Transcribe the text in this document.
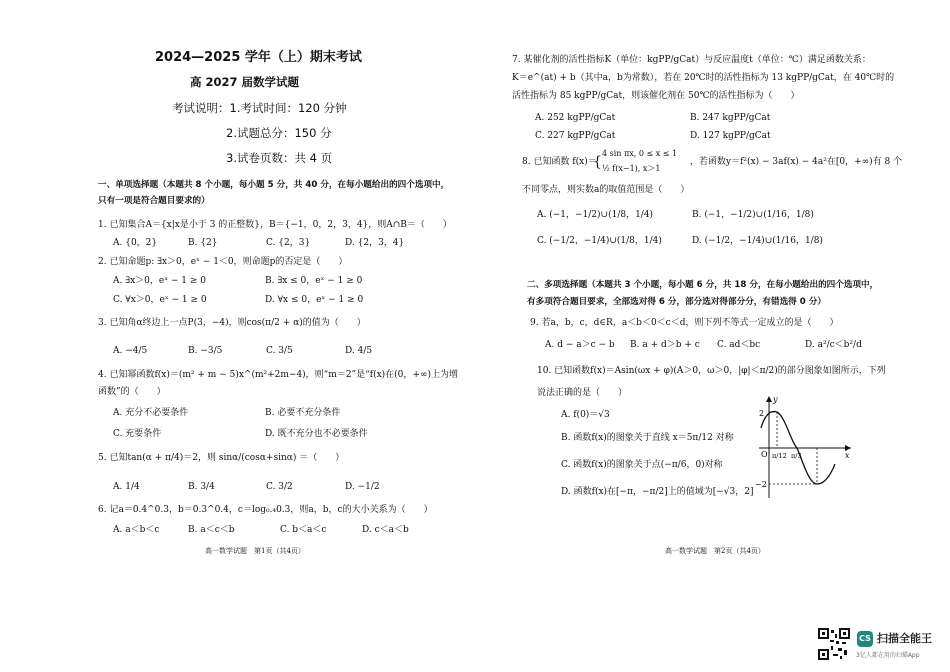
2024—2025 学年（上）期末考试
高 2027 届数学试题
考试说明：1.考试时间：120 分钟
2.试题总分：150 分
3.试卷页数：共 4 页
一、单项选择题（本题共 8 个小题，每小题 5 分，共 40 分，在每小题给出的四个选项中，
只有一项是符合题目要求的）
1. 已知集合A＝{x|x是小于 3 的正整数}，B＝{−1，0，2，3，4}，则A∩B＝（　　）
A. {0，2}	B. {2}	C. {2，3}	D. {2，3，4}
2. 已知命题p: ∃x＞0，eˣ − 1＜0，则命题p的否定是（　　）
A. ∃x＞0，eˣ − 1 ≥ 0	B. ∃x ≤ 0，eˣ − 1 ≥ 0
C. ∀x＞0，eˣ − 1 ≥ 0	D. ∀x ≤ 0，eˣ − 1 ≥ 0
3. 已知角α终边上一点P(3，−4)，则cos(π/2 + α)的值为（　　）
A. −4/5	B. −3/5	C. 3/5	D. 4/5
4. 已知幂函数f(x)＝(m² + m − 5)x^(m²+2m−4)，则“m＝2”是“f(x)在(0，+∞)上为增
函数”的（　　）
A. 充分不必要条件	B. 必要不充分条件
C. 充要条件	D. 既不充分也不必要条件
5. 已知tan(α + π/4)＝2，则 sinα/(cosα+sinα) ＝（　　）
A. 1/4	B. 3/4	C. 3/2	D. −1/2
6. 记a＝0.4^0.3，b＝0.3^0.4，c＝log₀.₄0.3，则a，b，c的大小关系为（　　）
A. a＜b＜c	B. a＜c＜b	C. b＜a＜c	D. c＜a＜b
高一数学试题　第1页（共4页）
7. 某催化剂的活性指标K（单位：kgPP/gCat）与反应温度t（单位：℃）满足函数关系：
K＝e^(at) + b（其中a，b为常数），若在 20℃时的活性指标为 13 kgPP/gCat，在 40℃时的
活性指标为 85 kgPP/gCat，则该催化剂在 50℃的活性指标为（　　）
A. 252 kgPP/gCat	B. 247 kgPP/gCat
C. 227 kgPP/gCat	D. 127 kgPP/gCat
8. 已知函数 f(x)＝
{
4 sin πx, 0 ≤ x ≤ 1
½ f(x−1), x＞1
，若函数y＝f²(x) − 3af(x) − 4a²在[0，+∞)有 8 个
不同零点，则实数a的取值范围是（　　）
A. (−1，−1/2)∪(1/8，1/4)	B. (−1，−1/2)∪(1/16，1/8)
C. (−1/2，−1/4)∪(1/8，1/4)	D. (−1/2，−1/4)∪(1/16，1/8)
二、多项选择题（本题共 3 个小题，每小题 6 分，共 18 分，在每小题给出的四个选项中，
有多项符合题目要求，全部选对得 6 分，部分选对得部分分，有错选得 0 分）
9. 若a，b，c，d∈R，a＜b＜0＜c＜d，则下列不等式一定成立的是（　　）
A. d − a＞c − b B. a + d＞b + c C. ad＜bc	D. a²/c＜b²/d
10. 已知函数f(x)＝Asin(ωx + φ)(A＞0，ω＞0，|φ|＜π/2)的部分图象如图所示，下列
说法正确的是（　　）
A. f(0)＝√3
B. 函数f(x)的图象关于直线 x＝5π/12 对称
C. 函数f(x)的图象关于点(−π/6，0)对称
D. 函数f(x)在[−π，−π/2]上的值域为[−√3，2]
2
−2
y
x
O π/12 π/3
高一数学试题　第2页（共4页）
CS 扫描全能王
3亿人都在用的扫描App
